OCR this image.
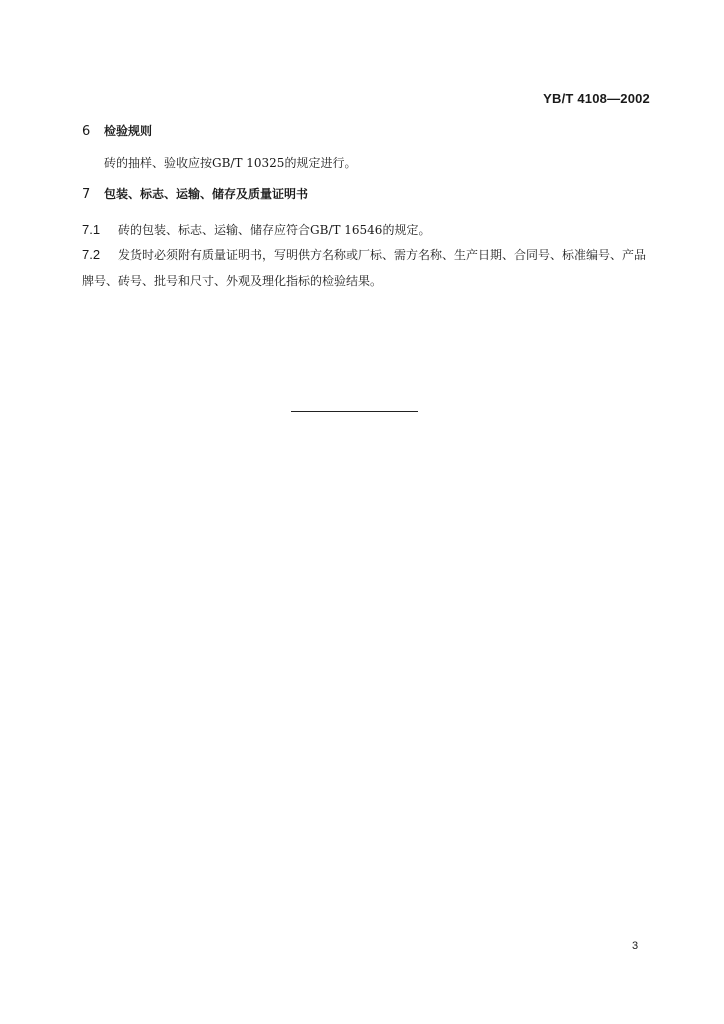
YB/T 4108—2002
6 检验规则
砖的抽样、验收应按GB/T 10325的规定进行。
7 包装、标志、运输、储存及质量证明书
7.1 砖的包装、标志、运输、储存应符合GB/T 16546的规定。
7.2 发货时必须附有质量证明书，写明供方名称或厂标、需方名称、生产日期、合同号、标准编号、产品
牌号、砖号、批号和尺寸、外观及理化指标的检验结果。
3
